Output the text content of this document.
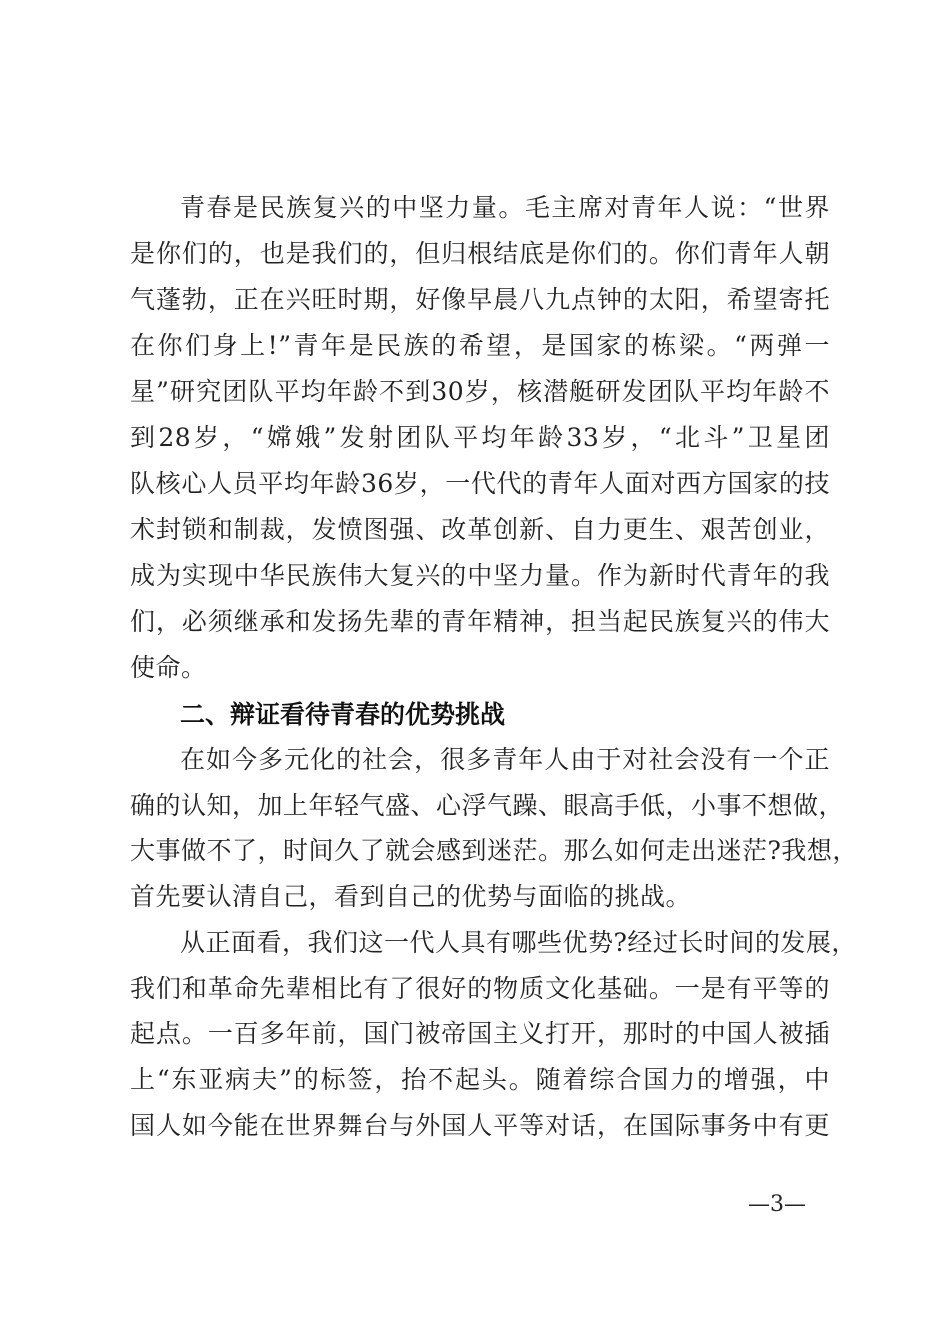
青春是民族复兴的中坚力量。毛主席对青年人说：“世界
是你们的，也是我们的，但归根结底是你们的。你们青年人朝
气蓬勃，正在兴旺时期，好像早晨八九点钟的太阳，希望寄托
在你们身上!”青年是民族的希望，是国家的栋梁。“两弹一
星”研究团队平均年龄不到30岁，核潜艇研发团队平均年龄不
到28岁，“嫦娥”发射团队平均年龄33岁，“北斗”卫星团
队核心人员平均年龄36岁，一代代的青年人面对西方国家的技
术封锁和制裁，发愤图强、改革创新、自力更生、艰苦创业，
成为实现中华民族伟大复兴的中坚力量。作为新时代青年的我
们，必须继承和发扬先辈的青年精神，担当起民族复兴的伟大
使命。
二、辩证看待青春的优势挑战
在如今多元化的社会，很多青年人由于对社会没有一个正
确的认知，加上年轻气盛、心浮气躁、眼高手低，小事不想做，
大事做不了，时间久了就会感到迷茫。那么如何走出迷茫?我想，
首先要认清自己，看到自己的优势与面临的挑战。
从正面看，我们这一代人具有哪些优势?经过长时间的发展，
我们和革命先辈相比有了很好的物质文化基础。一是有平等的
起点。一百多年前，国门被帝国主义打开，那时的中国人被插
上“东亚病夫”的标签，抬不起头。随着综合国力的增强，中
国人如今能在世界舞台与外国人平等对话，在国际事务中有更
—3—
